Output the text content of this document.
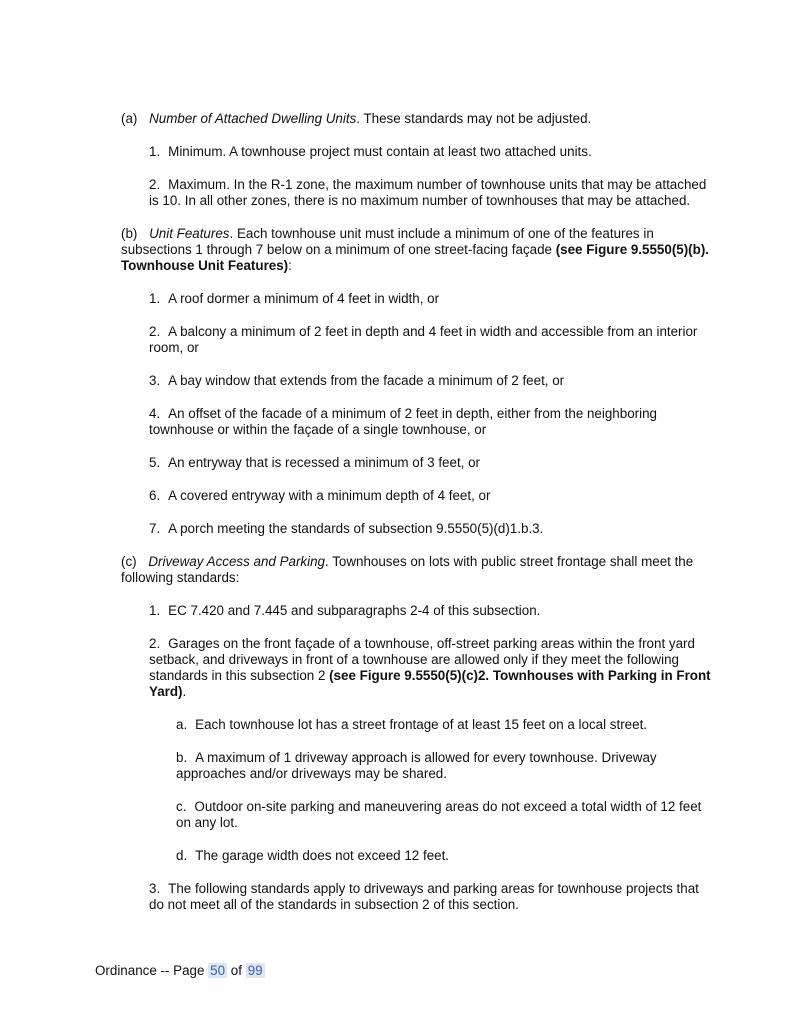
(a) Number of Attached Dwelling Units. These standards may not be adjusted.

1. Minimum. A townhouse project must contain at least two attached units.

2. Maximum. In the R-1 zone, the maximum number of townhouse units that may be attached is 10. In all other zones, there is no maximum number of townhouses that may be attached.

(b) Unit Features. Each townhouse unit must include a minimum of one of the features in subsections 1 through 7 below on a minimum of one street-facing façade (see Figure 9.5550(5)(b). Townhouse Unit Features):

1. A roof dormer a minimum of 4 feet in width, or

2. A balcony a minimum of 2 feet in depth and 4 feet in width and accessible from an interior room, or

3. A bay window that extends from the facade a minimum of 2 feet, or

4. An offset of the facade of a minimum of 2 feet in depth, either from the neighboring townhouse or within the façade of a single townhouse, or

5. An entryway that is recessed a minimum of 3 feet, or

6. A covered entryway with a minimum depth of 4 feet, or

7. A porch meeting the standards of subsection 9.5550(5)(d)1.b.3.

(c) Driveway Access and Parking. Townhouses on lots with public street frontage shall meet the following standards:

1. EC 7.420 and 7.445 and subparagraphs 2-4 of this subsection.

2. Garages on the front façade of a townhouse, off-street parking areas within the front yard setback, and driveways in front of a townhouse are allowed only if they meet the following standards in this subsection 2 (see Figure 9.5550(5)(c)2. Townhouses with Parking in Front Yard).

a. Each townhouse lot has a street frontage of at least 15 feet on a local street.

b. A maximum of 1 driveway approach is allowed for every townhouse. Driveway approaches and/or driveways may be shared.

c. Outdoor on-site parking and maneuvering areas do not exceed a total width of 12 feet on any lot.

d. The garage width does not exceed 12 feet.

3. The following standards apply to driveways and parking areas for townhouse projects that do not meet all of the standards in subsection 2 of this section.

Ordinance -- Page 50 of 99
